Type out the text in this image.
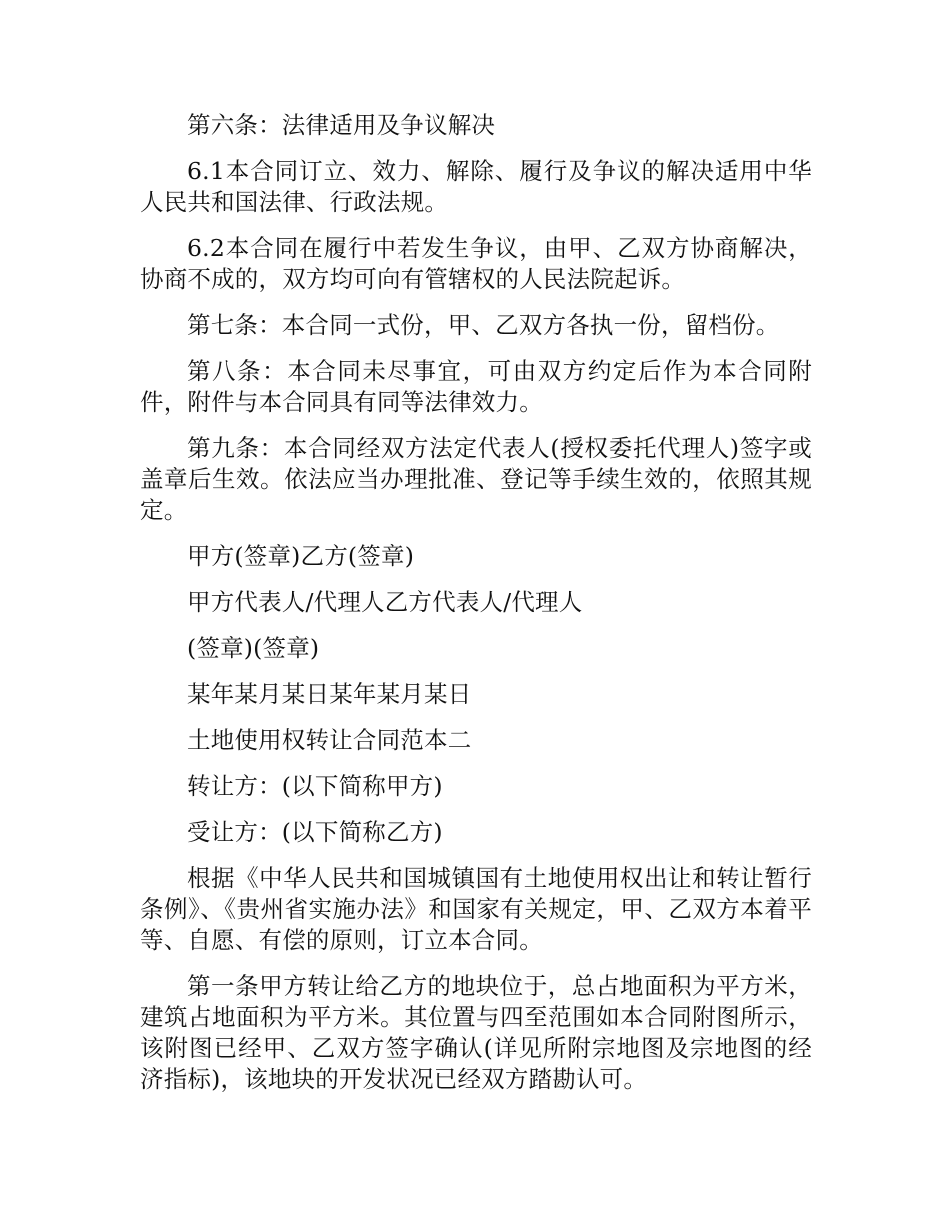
第六条：法律适用及争议解决

6.1本合同订立、效力、解除、履行及争议的解决适用中华人民共和国法律、行政法规。

6.2本合同在履行中若发生争议，由甲、乙双方协商解决，协商不成的，双方均可向有管辖权的人民法院起诉。

第七条：本合同一式份，甲、乙双方各执一份，留档份。

第八条：本合同未尽事宜，可由双方约定后作为本合同附件，附件与本合同具有同等法律效力。

第九条：本合同经双方法定代表人(授权委托代理人)签字或盖章后生效。依法应当办理批准、登记等手续生效的，依照其规定。

甲方(签章)乙方(签章)

甲方代表人/代理人乙方代表人/代理人

(签章)(签章)

某年某月某日某年某月某日

土地使用权转让合同范本二

转让方：(以下简称甲方)

受让方：(以下简称乙方)

根据《中华人民共和国城镇国有土地使用权出让和转让暂行条例》、《贵州省实施办法》和国家有关规定，甲、乙双方本着平等、自愿、有偿的原则，订立本合同。

第一条甲方转让给乙方的地块位于，总占地面积为平方米，建筑占地面积为平方米。其位置与四至范围如本合同附图所示，该附图已经甲、乙双方签字确认(详见所附宗地图及宗地图的经济指标)，该地块的开发状况已经双方踏勘认可。
